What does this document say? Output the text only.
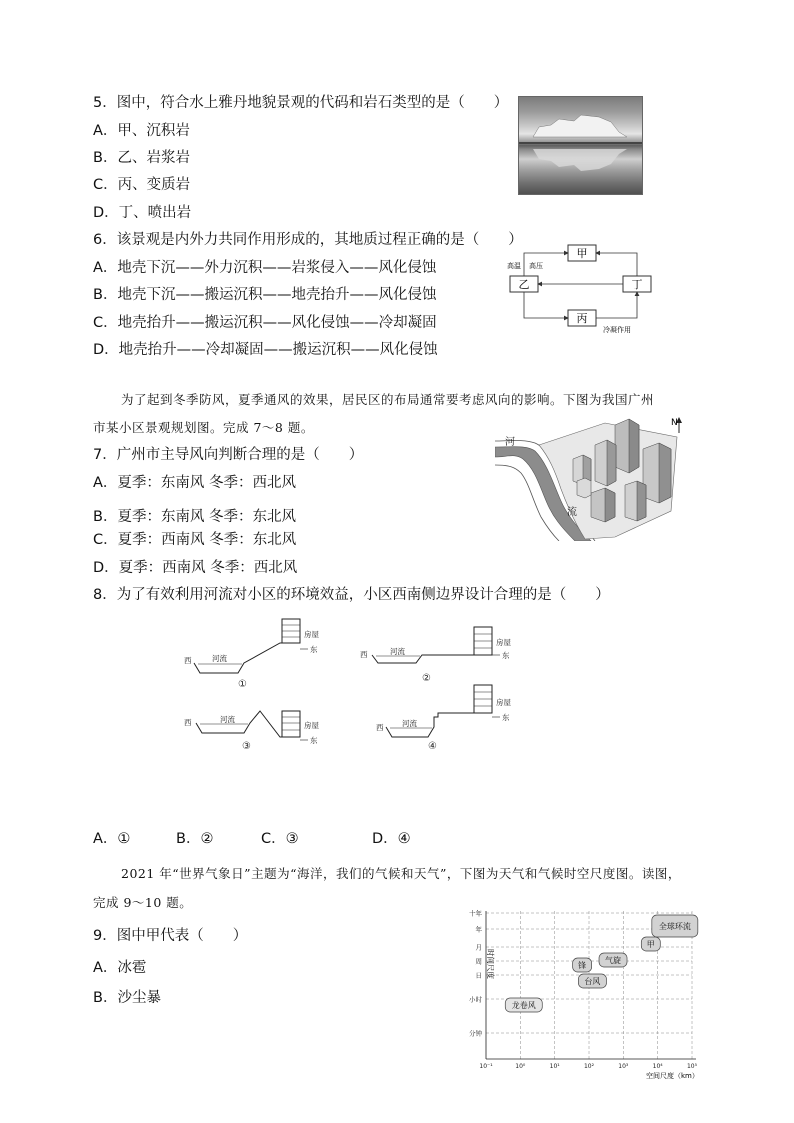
5．图中，符合水上雅丹地貌景观的代码和岩石类型的是（　　）
A．甲、沉积岩
B．乙、岩浆岩
C．丙、变质岩
D．丁、喷出岩
6．该景观是内外力共同作用形成的，其地质过程正确的是（　　）
A．地壳下沉——外力沉积——岩浆侵入——风化侵蚀
B．地壳下沉——搬运沉积——地壳抬升——风化侵蚀
C．地壳抬升——搬运沉积——风化侵蚀——冷却凝固
D．地壳抬升——冷却凝固——搬运沉积——风化侵蚀
甲
乙	丁
丙
高温 高压
冷凝作用
为了起到冬季防风，夏季通风的效果，居民区的布局通常要考虑风向的影响。下图为我国广州
市某小区景观规划图。完成 7～8 题。
7．广州市主导风向判断合理的是（　　）
A．夏季：东南风 冬季：西北风
B．夏季：东南风 冬季：东北风
C．夏季：西南风 冬季：东北风
D．夏季：西南风 冬季：西北风
N
河
流
8．为了有效利用河流对小区的环境效益，小区西南侧边界设计合理的是（　　）
西	河流
房屋
东
①
西	河流
房屋
东
②
西	河流
房屋
东
③
西 河流
房屋
东
④
A．①	B．②	C．③	D．④
2021 年“世界气象日”主题为“海洋，我们的气候和天气”，下图为天气和气候时空尺度图。读图，
完成 9～10 题。
9．图中甲代表（　　）
A．冰雹
B．沙尘暴
10⁻¹	10⁰	10¹	10²	10³	10⁴	10⁵
十年
年
月
周
日
小时
分钟
全球环流
甲
气旋
锋
台风
龙卷风
时间尺度
空间尺度（km）
